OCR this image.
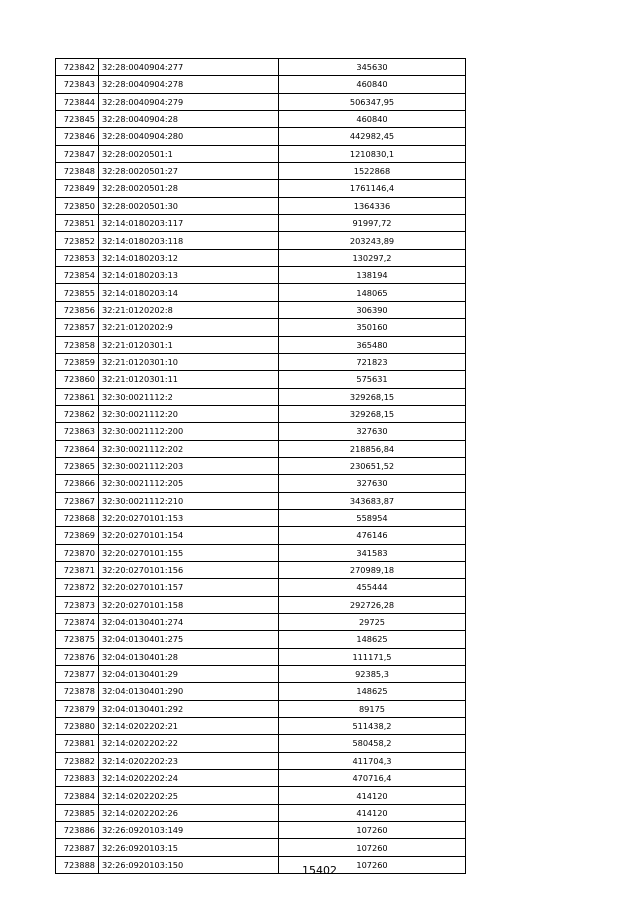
723842	32:28:0040904:277	345630
723843	32:28:0040904:278	460840
723844	32:28:0040904:279	506347,95
723845	32:28:0040904:28	460840
723846	32:28:0040904:280	442982,45
723847	32:28:0020501:1	1210830,1
723848	32:28:0020501:27	1522868
723849	32:28:0020501:28	1761146,4
723850	32:28:0020501:30	1364336
723851	32:14:0180203:117	91997,72
723852	32:14:0180203:118	203243,89
723853	32:14:0180203:12	130297,2
723854	32:14:0180203:13	138194
723855	32:14:0180203:14	148065
723856	32:21:0120202:8	306390
723857	32:21:0120202:9	350160
723858	32:21:0120301:1	365480
723859	32:21:0120301:10	721823
723860	32:21:0120301:11	575631
723861	32:30:0021112:2	329268,15
723862	32:30:0021112:20	329268,15
723863	32:30:0021112:200	327630
723864	32:30:0021112:202	218856,84
723865	32:30:0021112:203	230651,52
723866	32:30:0021112:205	327630
723867	32:30:0021112:210	343683,87
723868	32:20:0270101:153	558954
723869	32:20:0270101:154	476146
723870	32:20:0270101:155	341583
723871	32:20:0270101:156	270989,18
723872	32:20:0270101:157	455444
723873	32:20:0270101:158	292726,28
723874	32:04:0130401:274	29725
723875	32:04:0130401:275	148625
723876	32:04:0130401:28	111171,5
723877	32:04:0130401:29	92385,3
723878	32:04:0130401:290	148625
723879	32:04:0130401:292	89175
723880	32:14:0202202:21	511438,2
723881	32:14:0202202:22	580458,2
723882	32:14:0202202:23	411704,3
723883	32:14:0202202:24	470716,4
723884	32:14:0202202:25	414120
723885	32:14:0202202:26	414120
723886	32:26:0920103:149	107260
723887	32:26:0920103:15	107260
723888	32:26:0920103:150	107260
15402
